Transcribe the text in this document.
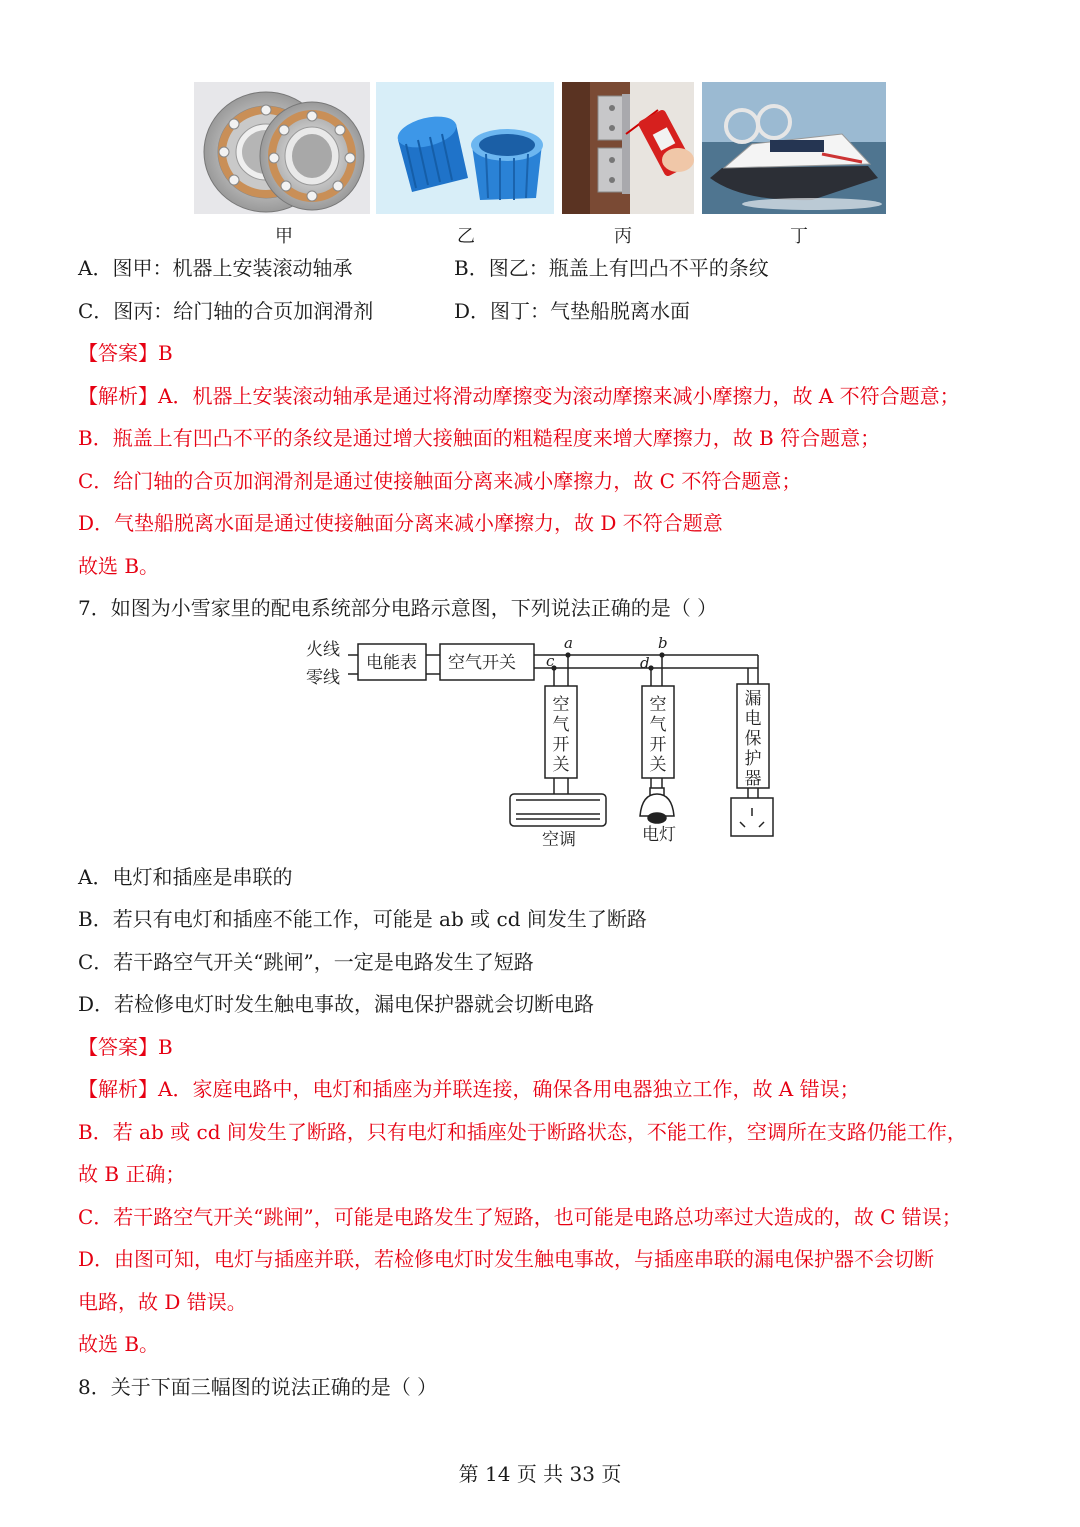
甲	乙	丙	丁
A．图甲：机器上安装滚动轴承	B．图乙：瓶盖上有凹凸不平的条纹
C．图丙：给门轴的合页加润滑剂	D．图丁：气垫船脱离水面
【答案】B
【解析】A．机器上安装滚动轴承是通过将滑动摩擦变为滚动摩擦来减小摩擦力，故 A 不符合题意；
B．瓶盖上有凹凸不平的条纹是通过增大接触面的粗糙程度来增大摩擦力，故 B 符合题意；
C．给门轴的合页加润滑剂是通过使接触面分离来减小摩擦力，故 C 不符合题意；
D．气垫船脱离水面是通过使接触面分离来减小摩擦力，故 D 不符合题意
故选 B。
7．如图为小雪家里的配电系统部分电路示意图，下列说法正确的是（ ）
火线
零线
电能表 空气开关
空调	电灯
a	b
c	d
空
气
开
关
空
气
开
关
漏
电
保
护
器
A．电灯和插座是串联的
B．若只有电灯和插座不能工作，可能是 ab 或 cd 间发生了断路
C．若干路空气开关“跳闸”，一定是电路发生了短路
D．若检修电灯时发生触电事故，漏电保护器就会切断电路
【答案】B
【解析】A．家庭电路中，电灯和插座为并联连接，确保各用电器独立工作，故 A 错误；
B．若 ab 或 cd 间发生了断路，只有电灯和插座处于断路状态，不能工作，空调所在支路仍能工作，
故 B 正确；
C．若干路空气开关“跳闸”，可能是电路发生了短路，也可能是电路总功率过大造成的，故 C 错误；
D．由图可知，电灯与插座并联，若检修电灯时发生触电事故，与插座串联的漏电保护器不会切断
电路，故 D 错误。
故选 B。
8．关于下面三幅图的说法正确的是（ ）
第 14 页 共 33 页
